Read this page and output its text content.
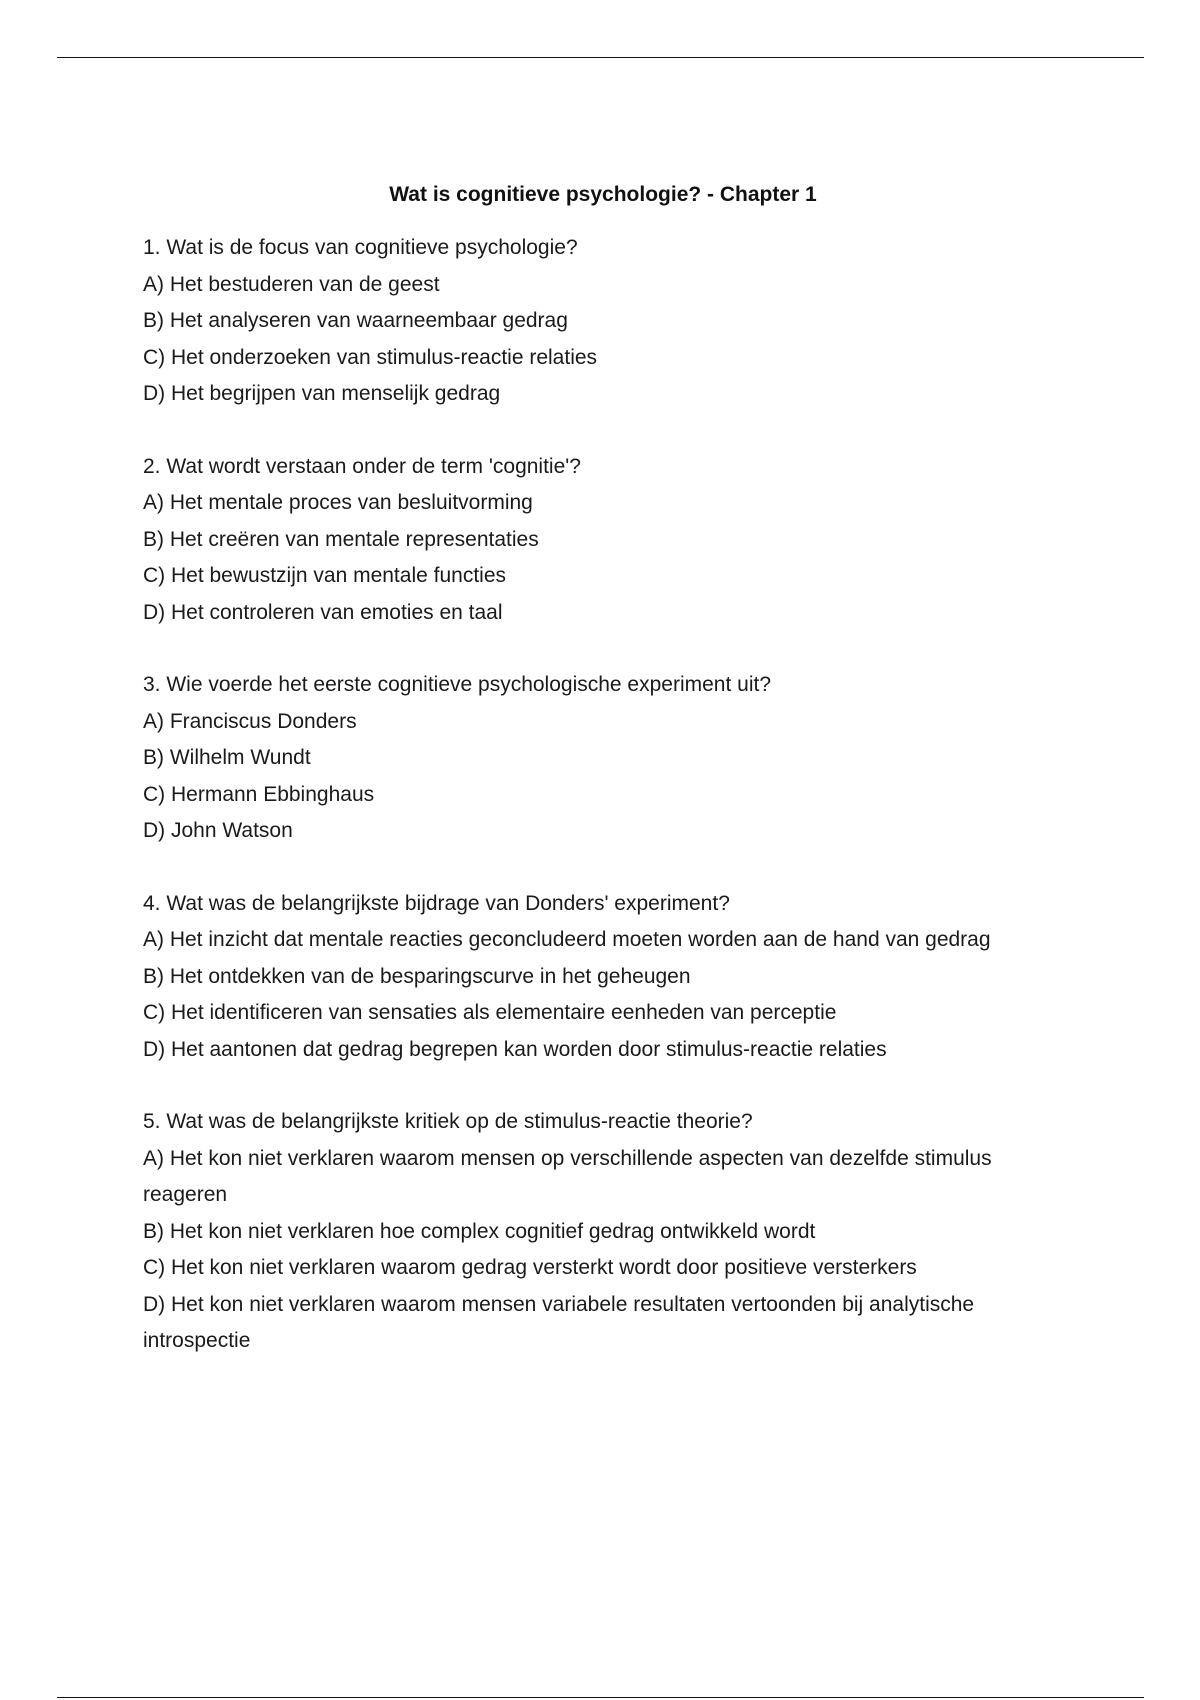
Wat is cognitieve psychologie? - Chapter 1

1. Wat is de focus van cognitieve psychologie?

A) Het bestuderen van de geest

B) Het analyseren van waarneembaar gedrag

C) Het onderzoeken van stimulus-reactie relaties

D) Het begrijpen van menselijk gedrag

2. Wat wordt verstaan onder de term 'cognitie'?

A) Het mentale proces van besluitvorming

B) Het creëren van mentale representaties

C) Het bewustzijn van mentale functies

D) Het controleren van emoties en taal

3. Wie voerde het eerste cognitieve psychologische experiment uit?

A) Franciscus Donders

B) Wilhelm Wundt

C) Hermann Ebbinghaus

D) John Watson

4. Wat was de belangrijkste bijdrage van Donders' experiment?

A) Het inzicht dat mentale reacties geconcludeerd moeten worden aan de hand van gedrag

B) Het ontdekken van de besparingscurve in het geheugen

C) Het identificeren van sensaties als elementaire eenheden van perceptie

D) Het aantonen dat gedrag begrepen kan worden door stimulus-reactie relaties

5. Wat was de belangrijkste kritiek op de stimulus-reactie theorie?

A) Het kon niet verklaren waarom mensen op verschillende aspecten van dezelfde stimulus reageren

B) Het kon niet verklaren hoe complex cognitief gedrag ontwikkeld wordt

C) Het kon niet verklaren waarom gedrag versterkt wordt door positieve versterkers

D) Het kon niet verklaren waarom mensen variabele resultaten vertoonden bij analytische introspectie
